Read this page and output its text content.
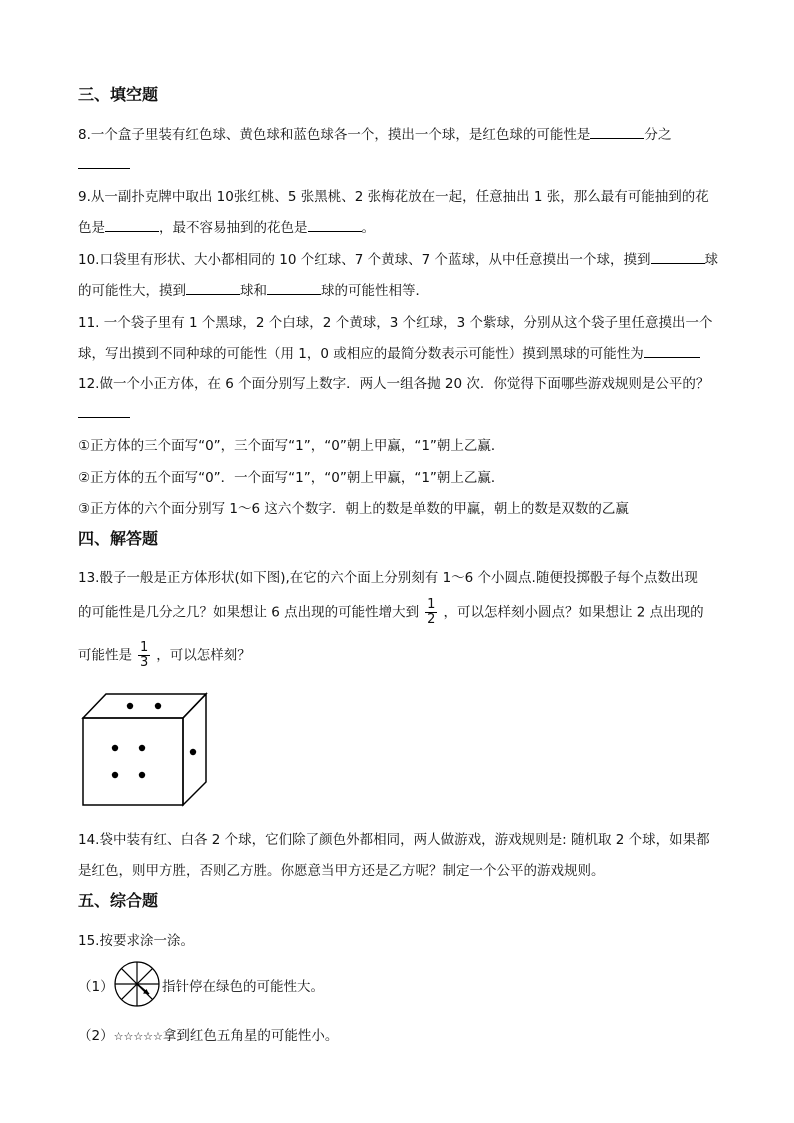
三、填空题
8.一个盒子里装有红色球、黄色球和蓝色球各一个，摸出一个球，是红色球的可能性是	分之
9.从一副扑克牌中取出 10张红桃、5 张黑桃、2 张梅花放在一起，任意抽出 1 张，那么最有可能抽到的花
色是	，最不容易抽到的花色是	。
10.口袋里有形状、大小都相同的 10 个红球、7 个黄球、7 个蓝球，从中任意摸出一个球，摸到	球
的可能性大，摸到	球和	球的可能性相等．
11. 一个袋子里有 1 个黑球，2 个白球，2 个黄球，3 个红球，3 个紫球，分别从这个袋子里任意摸出一个
球，写出摸到不同种球的可能性（用 1，0 或相应的最简分数表示可能性）摸到黑球的可能性为
12.做一个小正方体，在 6 个面分别写上数字．两人一组各抛 20 次．你觉得下面哪些游戏规则是公平的？
①正方体的三个面写“0”，三个面写“1”，“0”朝上甲赢，“1”朝上乙赢．
②正方体的五个面写“0”．一个面写“1”，“0”朝上甲赢，“1”朝上乙赢．
③正方体的六个面分别写 1～6 这六个数字．朝上的数是单数的甲赢，朝上的数是双数的乙赢
四、解答题
13.骰子一般是正方体形状(如下图),在它的六个面上分别刻有 1～6 个小圆点.随便投掷骰子每个点数出现
的可能性是几分之几？如果想让 6 点出现的可能性增大到 $\frac{1}{2}$ ，可以怎样刻小圆点？如果想让 2 点出现的
可能性是 $\frac{1}{3}$ ，可以怎样刻？
14.袋中装有红、白各 2 个球，它们除了颜色外都相同，两人做游戏，游戏规则是: 随机取 2 个球，如果都
是红色，则甲方胜，否则乙方胜。你愿意当甲方还是乙方呢？制定一个公平的游戏规则。
五、综合题
15.按要求涂一涂。
（1）	指针停在绿色的可能性大。
（2）☆☆☆☆☆拿到红色五角星的可能性小。
